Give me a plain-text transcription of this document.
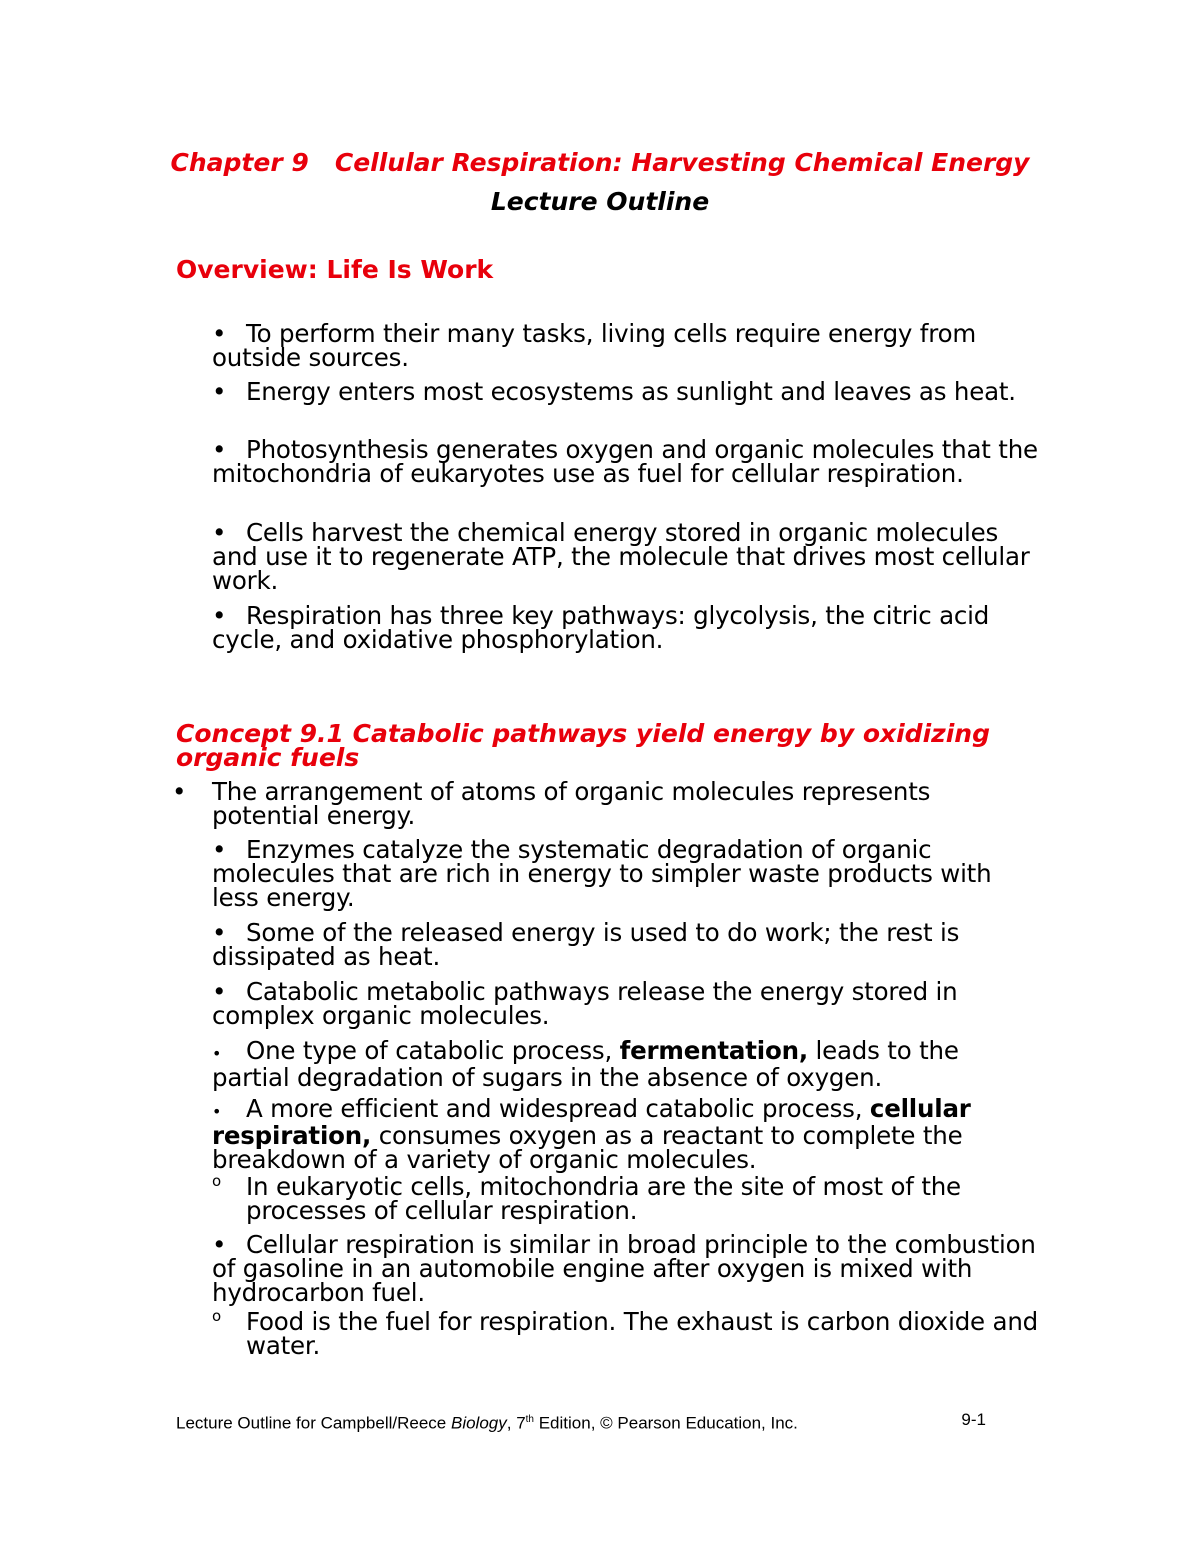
Chapter 9   Cellular Respiration: Harvesting Chemical Energy
Lecture Outline
Overview: Life Is Work
• To perform their many tasks, living cells require energy from outside sources.
• Energy enters most ecosystems as sunlight and leaves as heat.
• Photosynthesis generates oxygen and organic molecules that the mitochondria of eukaryotes use as fuel for cellular respiration.
• Cells harvest the chemical energy stored in organic molecules and use it to regenerate ATP, the molecule that drives most cellular work.
• Respiration has three key pathways: glycolysis, the citric acid cycle, and oxidative phosphorylation.
Concept 9.1 Catabolic pathways yield energy by oxidizing organic fuels
•	The arrangement of atoms of organic molecules represents potential energy.
• Enzymes catalyze the systematic degradation of organic molecules that are rich in energy to simpler waste products with less energy.
• Some of the released energy is used to do work; the rest is dissipated as heat.
• Catabolic metabolic pathways release the energy stored in complex organic molecules.
• One type of catabolic process, fermentation, leads to the partial degradation of sugars in the absence of oxygen.
• A more efficient and widespread catabolic process, cellular respiration, consumes oxygen as a reactant to complete the breakdown of a variety of organic molecules.
o	In eukaryotic cells, mitochondria are the site of most of the processes of cellular respiration.
• Cellular respiration is similar in broad principle to the combustion of gasoline in an automobile engine after oxygen is mixed with hydrocarbon fuel.
o	Food is the fuel for respiration. The exhaust is carbon dioxide and water.
Lecture Outline for Campbell/Reece Biology, 7th Edition, © Pearson Education, Inc.	9-1
